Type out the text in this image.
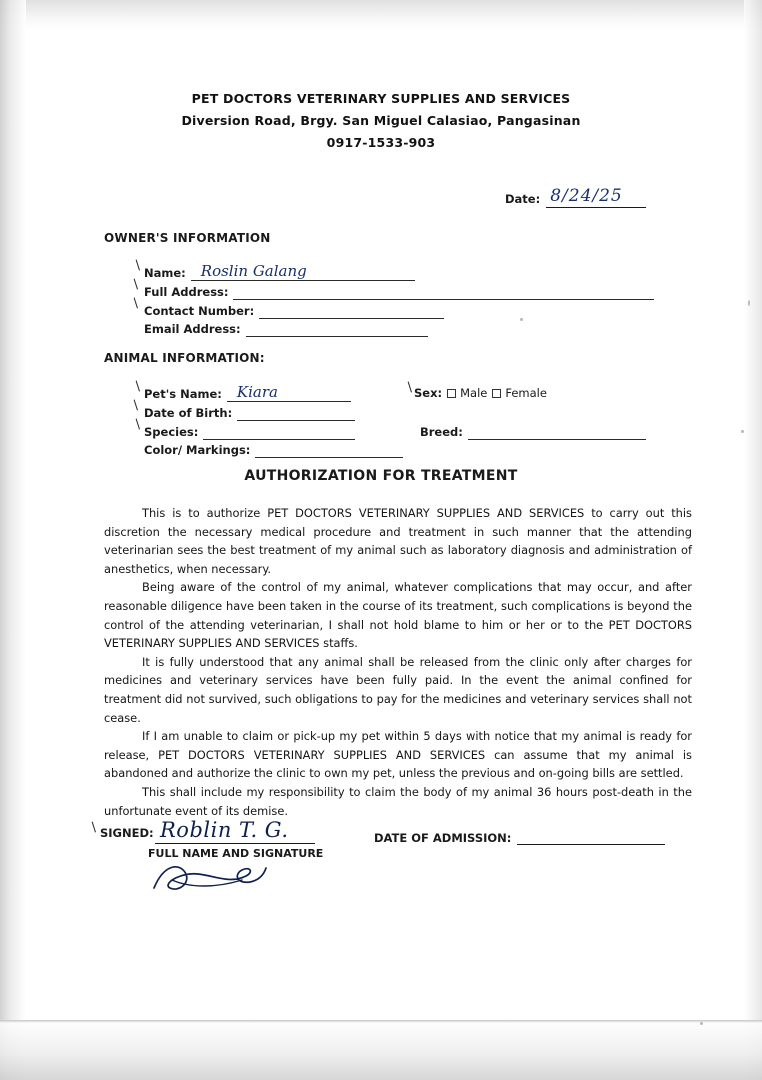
PET DOCTORS VETERINARY SUPPLIES AND SERVICES
Diversion Road, Brgy. San Miguel Calasiao, Pangasinan
0917-1533-903
Date: 8/24/25
OWNER'S INFORMATION
Name: Roslin Galang
Full Address:
Contact Number:
Email Address:
ANIMAL INFORMATION:
Pet's Name: Kiara	Sex: Male Female
Date of Birth:
Species:	Breed:
Color/ Markings:
AUTHORIZATION FOR TREATMENT

This is to authorize PET DOCTORS VETERINARY SUPPLIES AND SERVICES to carry out this discretion the necessary medical procedure and treatment in such manner that the attending veterinarian sees the best treatment of my animal such as laboratory diagnosis and administration of anesthetics, when necessary.

Being aware of the control of my animal, whatever complications that may occur, and after reasonable diligence have been taken in the course of its treatment, such complications is beyond the control of the attending veterinarian, I shall not hold blame to him or her or to the PET DOCTORS VETERINARY SUPPLIES AND SERVICES staffs.

It is fully understood that any animal shall be released from the clinic only after charges for medicines and veterinary services have been fully paid. In the event the animal confined for treatment did not survived, such obligations to pay for the medicines and veterinary services shall not cease.

If I am unable to claim or pick-up my pet within 5 days with notice that my animal is ready for release, PET DOCTORS VETERINARY SUPPLIES AND SERVICES can assume that my animal is abandoned and authorize the clinic to own my pet, unless the previous and on-going bills are settled.

This shall include my responsibility to claim the body of my animal 36 hours post-death in the unfortunate event of its demise.

SIGNED: Roblin T. G.
FULL NAME AND SIGNATURE
DATE OF ADMISSION:
/
/
/
/
/
/
/
/
